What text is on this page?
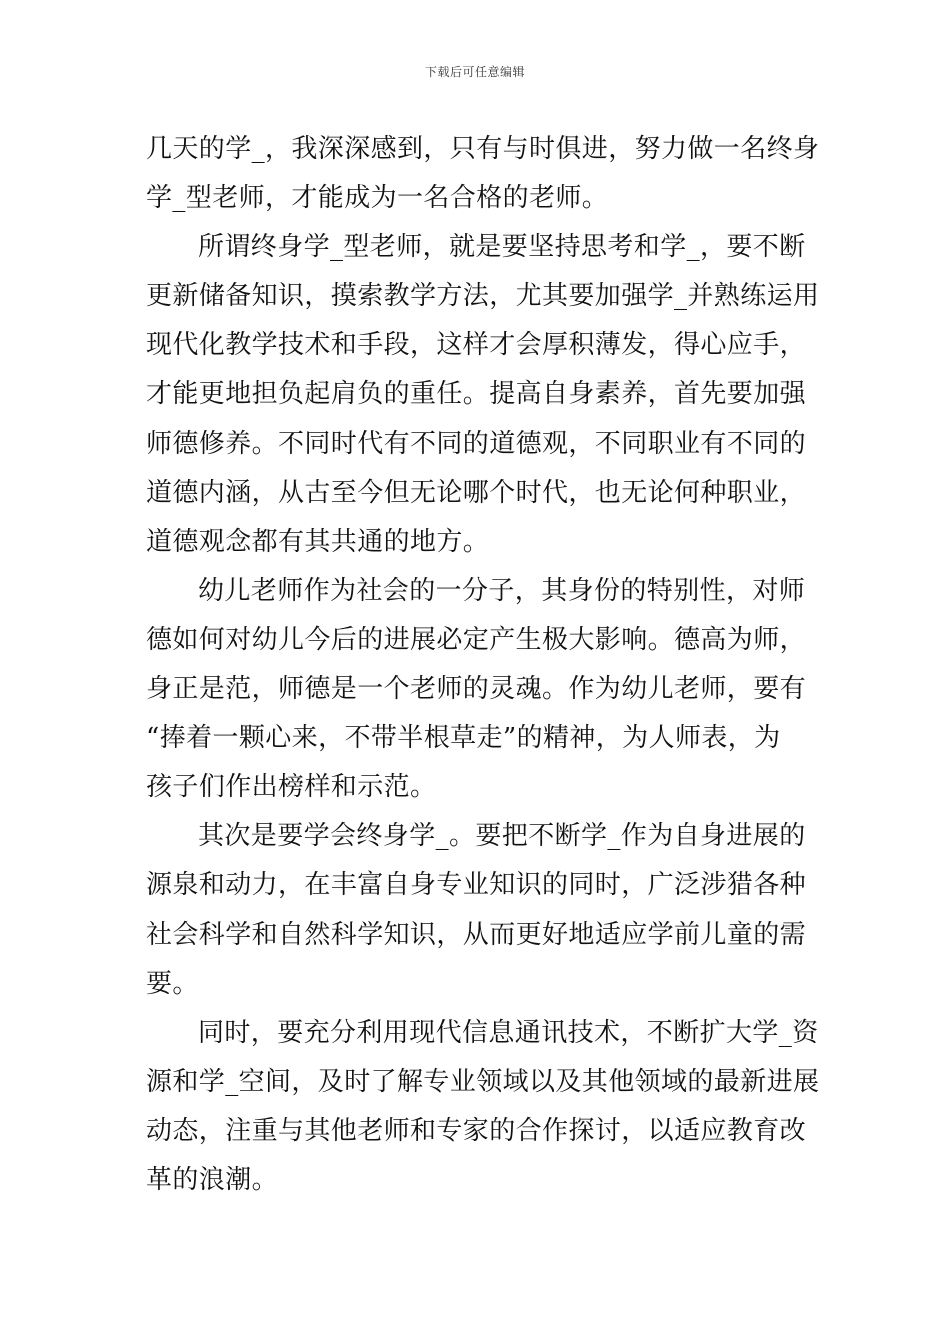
下载后可任意编辑
几天的学_，我深深感到，只有与时俱进，努力做一名终身
学_型老师，才能成为一名合格的老师。
所谓终身学_型老师，就是要坚持思考和学_，要不断
更新储备知识，摸索教学方法，尤其要加强学_并熟练运用
现代化教学技术和手段，这样才会厚积薄发，得心应手，
才能更地担负起肩负的重任。提高自身素养，首先要加强
师德修养。不同时代有不同的道德观，不同职业有不同的
道德内涵，从古至今但无论哪个时代，也无论何种职业，
道德观念都有其共通的地方。
幼儿老师作为社会的一分子，其身份的特别性，对师
德如何对幼儿今后的进展必定产生极大影响。德高为师，
身正是范，师德是一个老师的灵魂。作为幼儿老师，要有
“捧着一颗心来，不带半根草走”的精神，为人师表，为
孩子们作出榜样和示范。
其次是要学会终身学_。要把不断学_作为自身进展的
源泉和动力，在丰富自身专业知识的同时，广泛涉猎各种
社会科学和自然科学知识，从而更好地适应学前儿童的需
要。
同时，要充分利用现代信息通讯技术，不断扩大学_资
源和学_空间，及时了解专业领域以及其他领域的最新进展
动态，注重与其他老师和专家的合作探讨，以适应教育改
革的浪潮。
